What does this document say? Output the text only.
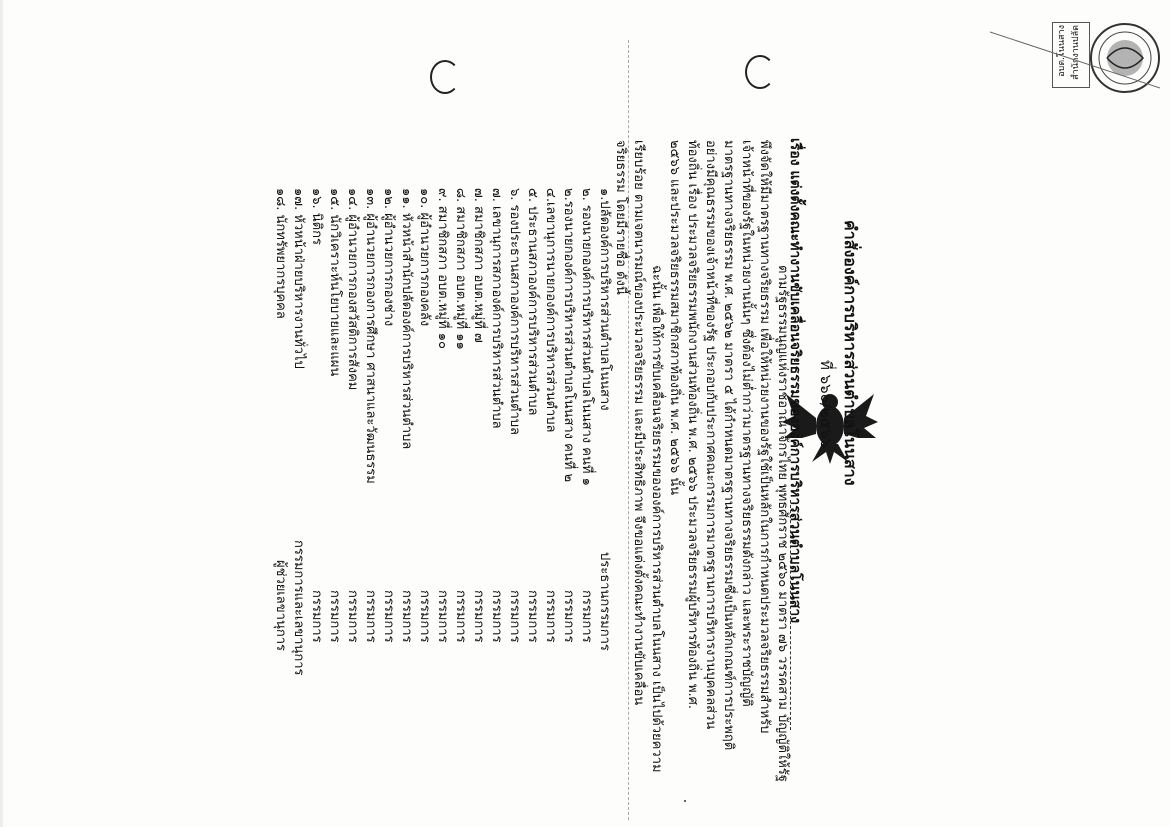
สำนักงานปลัด
อบต.โนนสาง
คำสั่งองค์การบริหารส่วนตำบลโนนสาง
ที่ ๖๖๐/๒๕๖๖
เรื่อง แต่งตั้งคณะทำงานขับเคลื่อนจริยธรรมขององค์การบริหารส่วนตำบลโนนสาง
ตามรัฐธรรมนูญแห่งราชอาณาจักรไทย พุทธศักราช ๒๕๖๐ มาตรา ๗๖ วรรคสาม บัญญัติให้รัฐ
พึงจัดให้มีมาตรฐานทางจริยธรรม เพื่อให้หน่วยงานของรัฐใช้เป็นหลักในการกำหนดประมวลจริยธรรมสำหรับ
เจ้าหน้าที่ของรัฐในหน่วยงานนั้นๆ ซึ่งต้องไม่ต่ำกว่ามาตรฐานทางจริยธรรมดังกล่าว และพระราชบัญญัติ
มาตรฐานทางจริยธรรม พ.ศ. ๒๕๖๒ มาตรา ๕ ได้กำหนดมาตรฐานทางจริยธรรมซึ่งเป็นหลักเกณฑ์การประพฤติ
อย่างมีคุณธรรมของเจ้าหน้าที่ของรัฐ ประกอบกับประกาศคณะกรรมการมาตรฐานการบริหารงานบุคคลส่วน
ท้องถิ่น เรื่อง ประมวลจริยธรรมพนักงานส่วนท้องถิ่น พ.ศ. ๒๕๖๖ ประมวลจริยธรรมผู้บริหารท้องถิ่น พ.ศ.
๒๕๖๖ และประมวลจริยธรรมสมาชิกสภาท้องถิ่น พ.ศ. ๒๕๖๖ นั้น
ฉะนั้น เพื่อให้การขับเคลื่อนจริยธรรมขององค์การบริหารส่วนตำบลโนนสาง เป็นไปด้วยความ
เรียบร้อย ตามเจตนารมณ์ของประมวลจริยธรรม และมีประสิทธิภาพ จึงขอแต่งตั้งคณะทำงานขับเคลื่อน
จริยธรรม โดยมีรายชื่อ ดังนี้
๑.ปลัดองค์การบริหารส่วนตำบลโนนสาง
ประธานกรรมการ
๒. รองนายกองค์การบริหารส่วนตำบลโนนสาง คนที่ ๑
กรรมการ
๒.รองนายกองค์การบริหารส่วนตำบลโนนสาง คนที่ ๒
กรรมการ
๔.เลขานุการนายกองค์การบริหารส่วนตำบล
กรรมการ
๕. ประธานสภาองค์การบริหารส่วนตำบล
กรรมการ
๖. รองประธานสภาองค์การบริหารส่วนตำบล
กรรมการ
๗. เลขานุการสภาองค์การบริหารส่วนตำบล
กรรมการ
๗. สมาชิกสภา อบต.หมู่ที่ ๗
กรรมการ
๘. สมาชิกสภา อบต.หมู่ที่ ๑๑
กรรมการ
๙. สมาชิกสภา อบต.หมู่ที่ ๑๐
กรรมการ
๑๐. ผู้อำนวยการกองคลัง
กรรมการ
๑๑. หัวหน้าสำนักปลัดองค์การบริหารส่วนตำบล
กรรมการ
๑๒. ผู้อำนวยการกองช่าง
กรรมการ
๑๓. ผู้อำนวยการกองการศึกษา ศาสนาและวัฒนธรรม
กรรมการ
๑๔. ผู้อำนวยการกองสวัสดิการสังคม
กรรมการ
๑๕. นักวิเคราะห์นโยบายและแผน
กรรมการ
๑๖. นิติกร
กรรมการ
๑๗. หัวหน้าฝ่ายบริหารงานทั่วไป
กรรมการและเลขานุการ
๑๘. นักทรัพยากรบุคคล
ผู้ช่วยเลขานุการ
